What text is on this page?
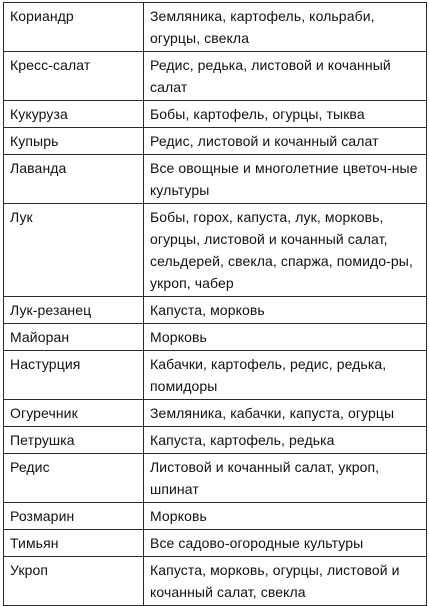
Кориандр	Земляника, картофель, кольраби, огурцы, свекла
Кресс-салат	Редис, редька, листовой и кочанный салат
Кукуруза	Бобы, картофель, огурцы, тыква
Купырь	Редис, листовой и кочанный салат
Лаванда	Все овощные и многолетние цветоч-ные культуры
Лук	Бобы, горох, капуста, лук, морковь, огурцы, листовой и кочанный салат, сельдерей, свекла, спаржа, помидо-ры, укроп, чабер
Лук-резанец	Капуста, морковь
Майоран	Морковь
Настурция	Кабачки, картофель, редис, редька, помидоры
Огуречник	Земляника, кабачки, капуста, огурцы
Петрушка	Капуста, картофель, редька
Редис	Листовой и кочанный салат, укроп, шпинат
Розмарин	Морковь
Тимьян	Все садово-огородные культуры
Укроп	Капуста, морковь, огурцы, листовой и кочанный салат, свекла
